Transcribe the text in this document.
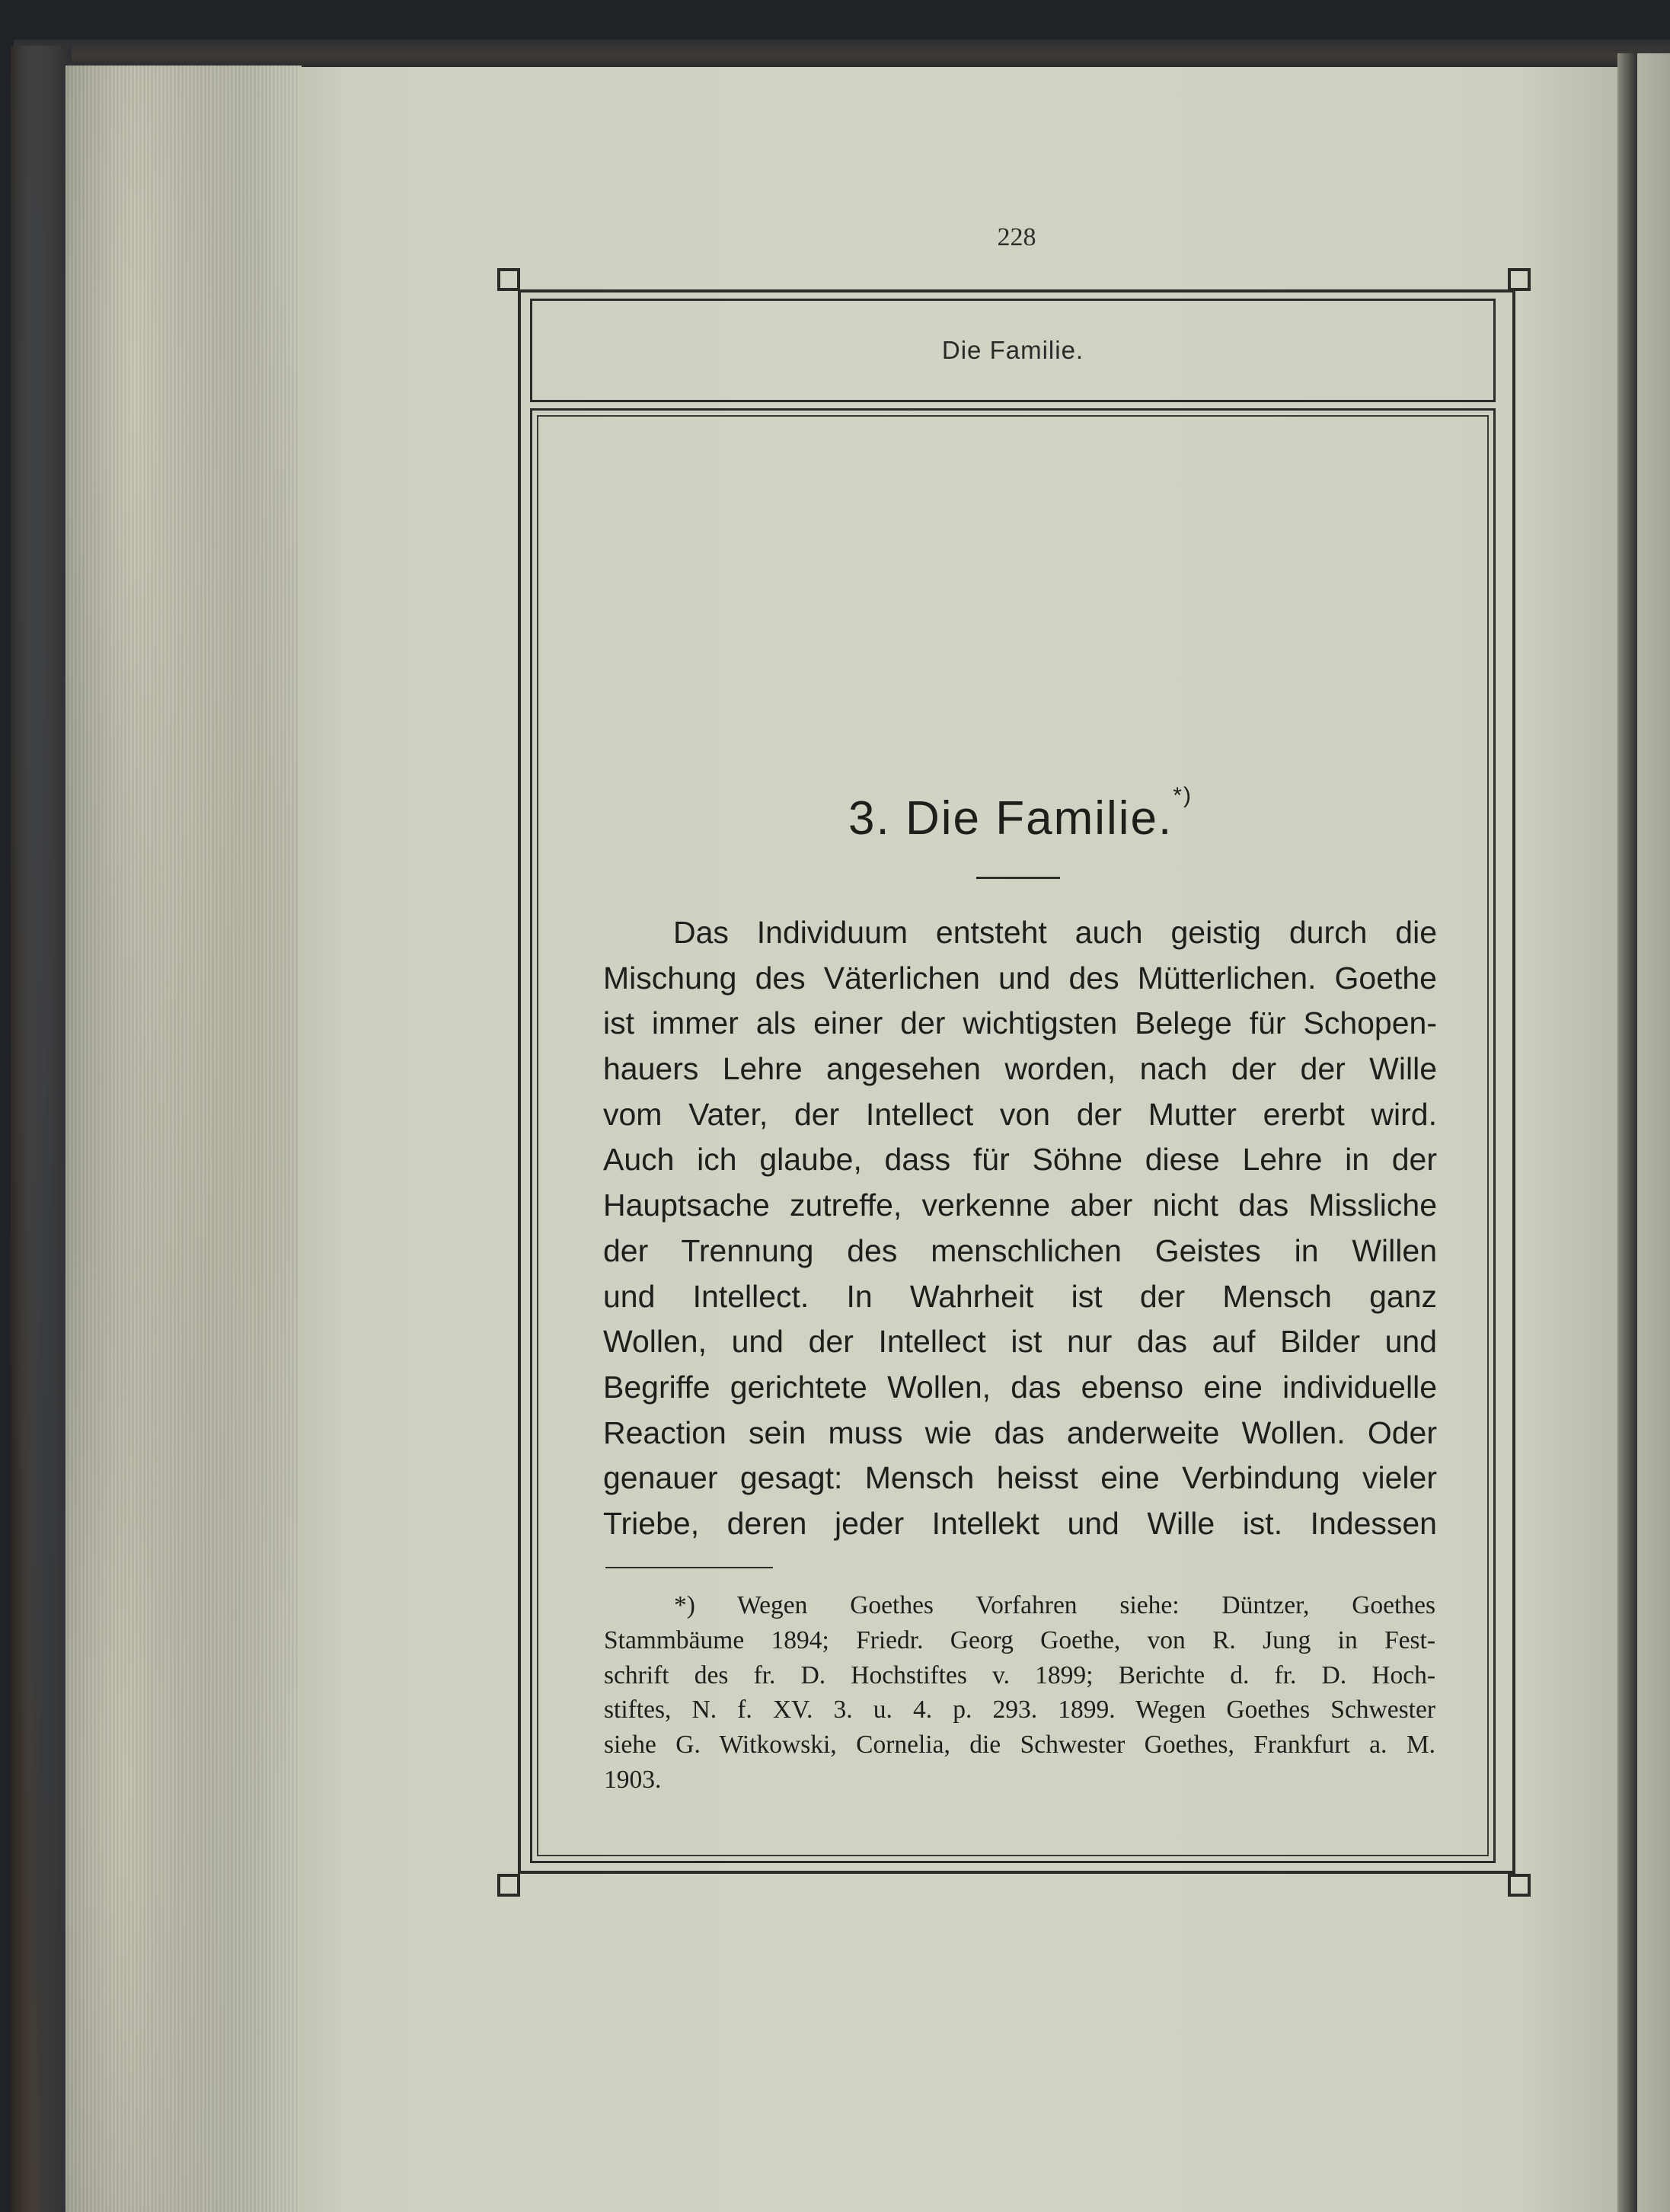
228
Die Familie.
3. Die Familie.*)
Das Individuum entsteht auch geistig durch die
Mischung des Väterlichen und des Mütterlichen. Goethe
ist immer als einer der wichtigsten Belege für Schopen-
hauers Lehre angesehen worden, nach der der Wille
vom Vater, der Intellect von der Mutter ererbt wird.
Auch ich glaube, dass für Söhne diese Lehre in der
Hauptsache zutreffe, verkenne aber nicht das Missliche
der Trennung des menschlichen Geistes in Willen
und Intellect. In Wahrheit ist der Mensch ganz
Wollen, und der Intellect ist nur das auf Bilder und
Begriffe gerichtete Wollen, das ebenso eine individuelle
Reaction sein muss wie das anderweite Wollen. Oder
genauer gesagt: Mensch heisst eine Verbindung vieler
Triebe, deren jeder Intellekt und Wille ist. Indessen
*) Wegen Goethes Vorfahren siehe: Düntzer, Goethes
Stammbäume 1894; Friedr. Georg Goethe, von R. Jung in Fest-
schrift des fr. D. Hochstiftes v. 1899; Berichte d. fr. D. Hoch-
stiftes, N. f. XV. 3. u. 4. p. 293. 1899. Wegen Goethes Schwester
siehe G. Witkowski, Cornelia, die Schwester Goethes, Frankfurt a. M.
1903.
